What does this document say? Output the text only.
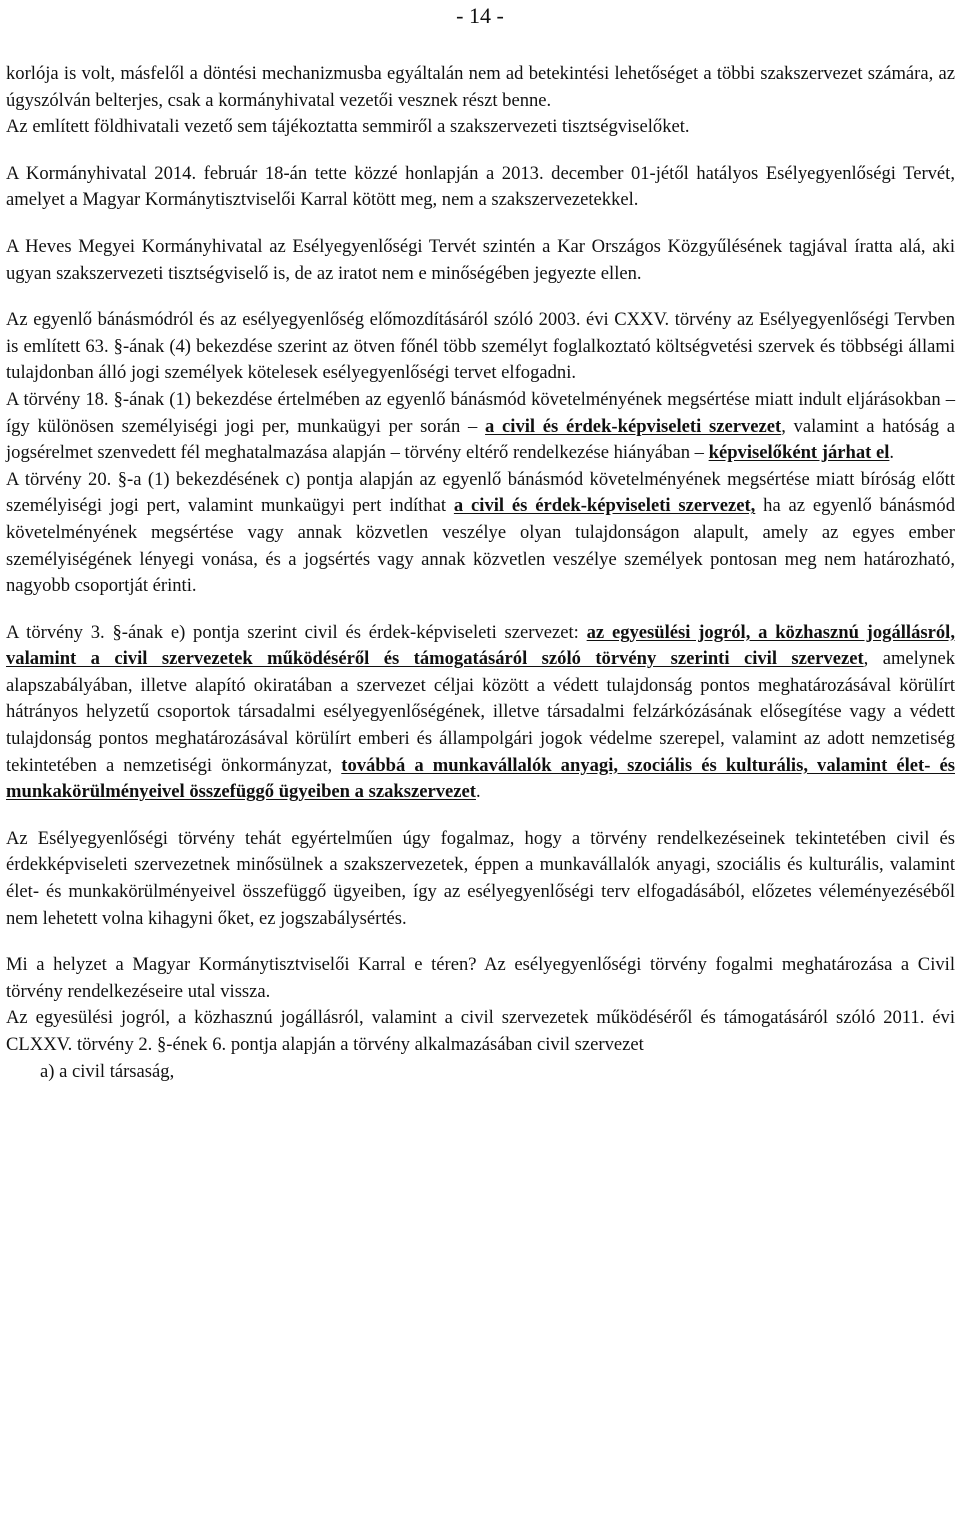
- 14 -

korlója is volt, másfelől a döntési mechanizmusba egyáltalán nem ad betekintési lehetőséget a többi szakszervezet számára, az úgyszólván belterjes, csak a kormányhivatal vezetői vesznek részt benne.

Az említett földhivatali vezető sem tájékoztatta semmiről a szakszervezeti tisztségviselőket.

A Kormányhivatal 2014. február 18-án tette közzé honlapján a 2013. december 01-jétől hatályos Esélyegyenlőségi Tervét, amelyet a Magyar Kormánytisztviselői Karral kötött meg, nem a szakszervezetekkel.

A Heves Megyei Kormányhivatal az Esélyegyenlőségi Tervét szintén a Kar Országos Közgyűlésének tagjával íratta alá, aki ugyan szakszervezeti tisztségviselő is, de az iratot nem e minőségében jegyezte ellen.

Az egyenlő bánásmódról és az esélyegyenlőség előmozdításáról szóló 2003. évi CXXV. törvény az Esélyegyenlőségi Tervben is említett 63. §-ának (4) bekezdése szerint az ötven főnél több személyt foglalkoztató költségvetési szervek és többségi állami tulajdonban álló jogi személyek kötelesek esélyegyenlőségi tervet elfogadni.

A törvény 18. §-ának (1) bekezdése értelmében az egyenlő bánásmód követelményének megsértése miatt indult eljárásokban – így különösen személyiségi jogi per, munkaügyi per során – a civil és érdek-képviseleti szervezet, valamint a hatóság a jogsérelmet szenvedett fél meghatalmazása alapján – törvény eltérő rendelkezése hiányában – képviselőként járhat el.

A törvény 20. §-a (1) bekezdésének c) pontja alapján az egyenlő bánásmód követelményének megsértése miatt bíróság előtt személyiségi jogi pert, valamint munkaügyi pert indíthat a civil és érdek-képviseleti szervezet, ha az egyenlő bánásmód követelményének megsértése vagy annak közvetlen veszélye olyan tulajdonságon alapult, amely az egyes ember személyiségének lényegi vonása, és a jogsértés vagy annak közvetlen veszélye személyek pontosan meg nem határozható, nagyobb csoportját érinti.

A törvény 3. §-ának e) pontja szerint civil és érdek-képviseleti szervezet: az egyesülési jogról, a közhasznú jogállásról, valamint a civil szervezetek működéséről és támogatásáról szóló törvény szerinti civil szervezet, amelynek alapszabályában, illetve alapító okiratában a szervezet céljai között a védett tulajdonság pontos meghatározásával körülírt hátrányos helyzetű csoportok társadalmi esélyegyenlőségének, illetve társadalmi felzárkózásának elősegítése vagy a védett tulajdonság pontos meghatározásával körülírt emberi és állampolgári jogok védelme szerepel, valamint az adott nemzetiség tekintetében a nemzetiségi önkormányzat, továbbá a munkavállalók anyagi, szociális és kulturális, valamint élet- és munkakörülményeivel összefüggő ügyeiben a szakszervezet.

Az Esélyegyenlőségi törvény tehát egyértelműen úgy fogalmaz, hogy a törvény rendelkezéseinek tekintetében civil és érdekképviseleti szervezetnek minősülnek a szakszervezetek, éppen a munkavállalók anyagi, szociális és kulturális, valamint élet- és munkakörülményeivel összefüggő ügyeiben, így az esélyegyenlőségi terv elfogadásából, előzetes véleményezéséből nem lehetett volna kihagyni őket, ez jogszabálysértés.

Mi a helyzet a Magyar Kormánytisztviselői Karral e téren? Az esélyegyenlőségi törvény fogalmi meghatározása a Civil törvény rendelkezéseire utal vissza.

Az egyesülési jogról, a közhasznú jogállásról, valamint a civil szervezetek működéséről és támogatásáról szóló 2011. évi CLXXV. törvény 2. §-ének 6. pontja alapján a törvény alkalmazásában civil szervezet

a) a civil társaság,
